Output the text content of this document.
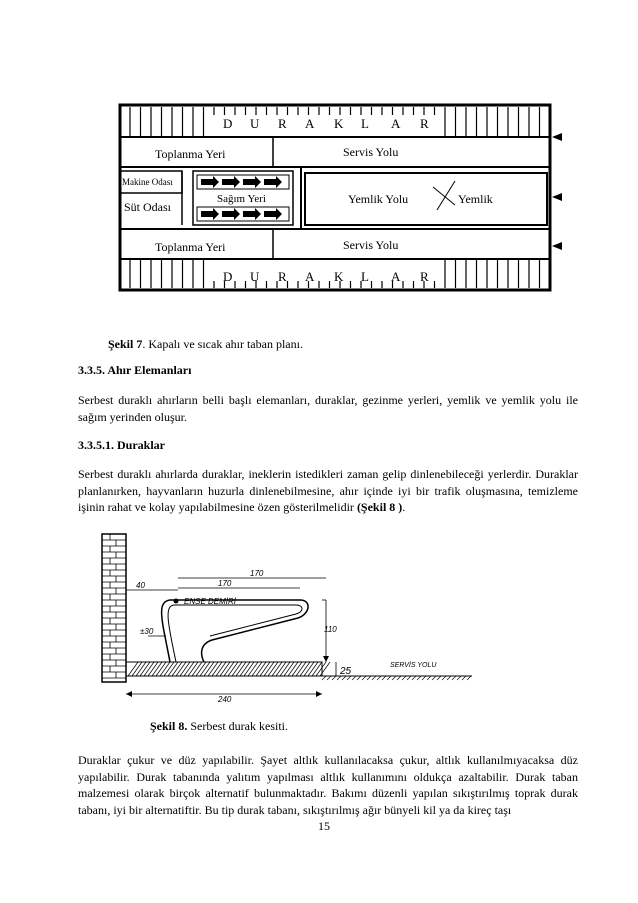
D U R A K L A R
D U R A K L A R
Toplanma Yeri	Servis Yolu
Makine Odası
Süt Odası
Sağım Yeri	Yemlik Yolu	Yemlik
Toplanma Yeri	Servis Yolu
Şekil 7. Kapalı ve sıcak ahır taban planı.
3.3.5. Ahır Elemanları
Serbest duraklı ahırların belli başlı elemanları, duraklar, gezinme yerleri, yemlik ve yemlik yolu ile sağım yerinden oluşur.
3.3.5.1. Duraklar
Serbest duraklı ahırlarda duraklar, ineklerin istedikleri zaman gelip dinlenebileceği yerlerdir. Duraklar planlanırken, hayvanların huzurla dinlenebilmesine, ahır içinde iyi bir trafik oluşmasına, temizleme işinin rahat ve kolay yapılabilmesine özen gösterilmelidir (Şekil 8 ).
170
170
40
ENSE DEMİRİ
±30	110
25
SERVİS YOLU
240
Şekil 8. Serbest durak kesiti.
Duraklar çukur ve düz yapılabilir. Şayet altlık kullanılacaksa çukur, altlık kullanılmıyacaksa düz yapılabilir. Durak tabanında yalıtım yapılması altlık kullanımını oldukça azaltabilir. Durak taban malzemesi olarak birçok alternatif bulunmaktadır. Bakımı düzenli yapılan sıkıştırılmış toprak durak tabanı, iyi bir alternatiftir. Bu tip durak tabanı, sıkıştırılmış ağır bünyeli kil ya da kireç taşı
15
